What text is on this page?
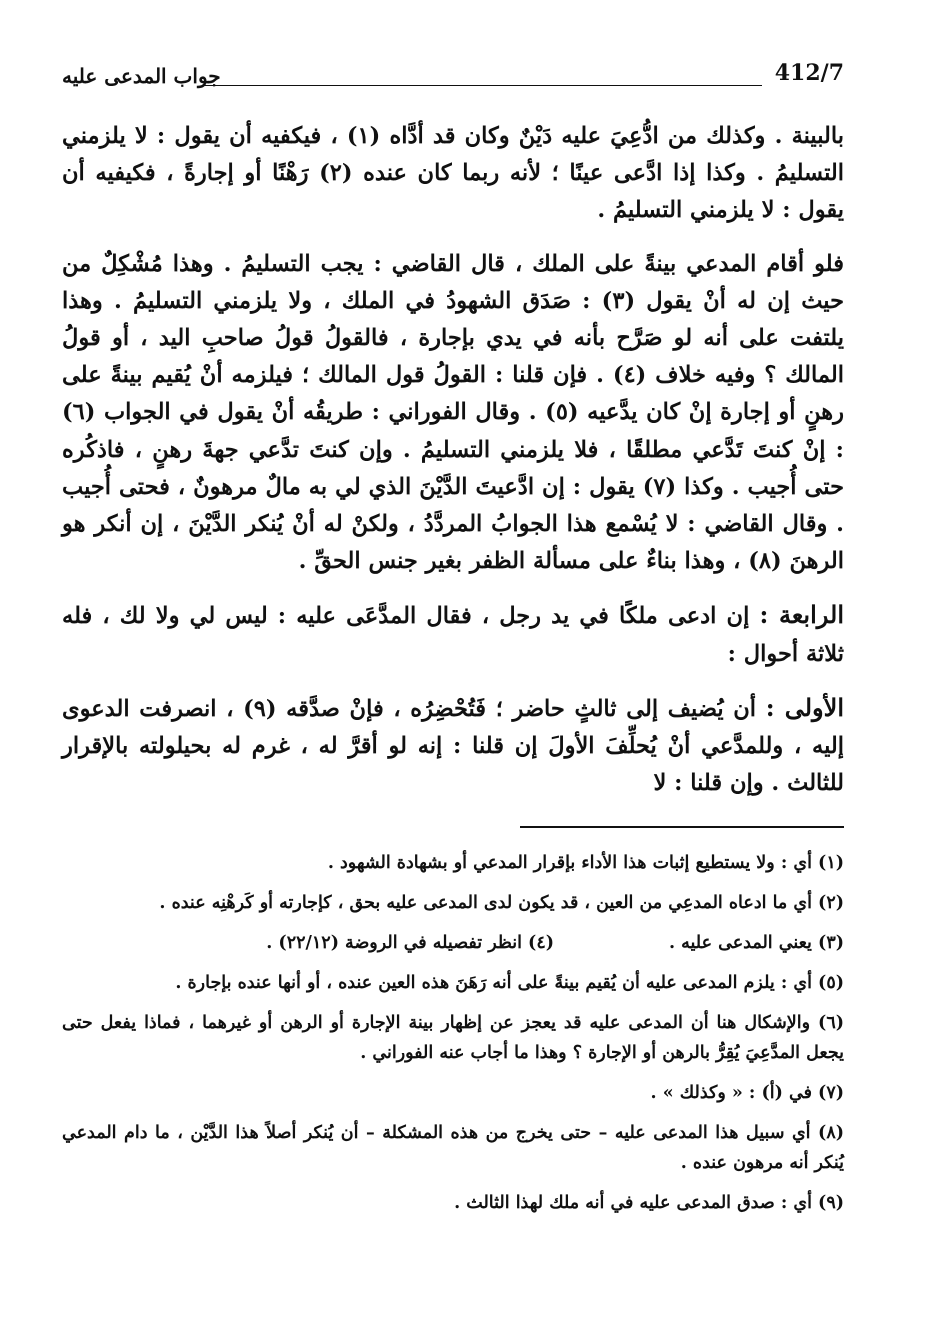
412/7
جواب المدعى عليه

بالبينة . وكذلك من ادُّعِيَ عليه دَيْنٌ وكان قد أدَّاه (١) ، فيكفيه أن يقول : لا يلزمني التسليمُ . وكذا إذا ادَّعى عينًا ؛ لأنه ربما كان عنده (٢) رَهْنًا أو إجارةً ، فكيفيه أن يقول : لا يلزمني التسليمُ .

فلو أقام المدعي بينةً على الملك ، قال القاضي : يجب التسليمُ . وهذا مُشْكِلٌ من حيث إن له أنْ يقول (٣) : صَدَق الشهودُ في الملك ، ولا يلزمني التسليمُ . وهذا يلتفت على أنه لو صَرَّح بأنه في يدي بإجارة ، فالقولُ قولُ صاحبِ اليد ، أو قولُ المالك ؟ وفيه خلاف (٤) . فإن قلنا : القولُ قول المالك ؛ فيلزمه أنْ يُقيم بينةً على رهنٍ أو إجارة إنْ كان يدَّعيه (٥) . وقال الفوراني : طريقُه أنْ يقول في الجواب (٦) : إنْ كنتَ تَدَّعي مطلقًا ، فلا يلزمني التسليمُ . وإن كنتَ تدَّعي جهةَ رهنٍ ، فاذكُره حتى أُجيب . وكذا (٧) يقول : إن ادَّعيتَ الدَّيْنَ الذي لي به مالٌ مرهونٌ ، فحتى أُجيب . وقال القاضي : لا يُسْمع هذا الجوابُ المردَّدُ ، ولكنْ له أنْ يُنكر الدَّيْنَ ، إن أنكر هو الرهنَ (٨) ، وهذا بناءٌ على مسألة الظفر بغير جنس الحقِّ .

الرابعة : إن ادعى ملكًا في يد رجل ، فقال المدَّعَى عليه : ليس لي ولا لك ، فله ثلاثة أحوال :

الأولى : أن يُضيف إلى ثالثٍ حاضر ؛ فَتُحْضِرُه ، فإنْ صدَّقه (٩) ، انصرفت الدعوى إليه ، وللمدَّعي أنْ يُحلِّفَ الأولَ إن قلنا : إنه لو أقرَّ له ، غرم له بحيلولته بالإقرار للثالث . وإن قلنا : لا

(١) أي : ولا يستطيع إثبات هذا الأداء بإقرار المدعي أو بشهادة الشهود .

(٢) أي ما ادعاه المدعِي من العين ، قد يكون لدى المدعى عليه بحق ، كإجارته أو كَرهْنِه عنده .

(٣) يعني المدعى عليه .
(٤) انظر تفصيله في الروضة (٢٢/١٢) .

(٥) أي : يلزم المدعى عليه أن يُقيم بينةً على أنه رَهَنَ هذه العين عنده ، أو أنها عنده بإجارة .

(٦) والإشكال هنا أن المدعى عليه قد يعجز عن إظهار بينة الإجارة أو الرهن أو غيرهما ، فماذا يفعل حتى يجعل المدَّعِيَ يُقِرُّ بالرهن أو الإجارة ؟ وهذا ما أجاب عنه الفوراني .

(٧) في (أ) : « وكذلك » .

(٨) أي سبيل هذا المدعى عليه – حتى يخرج من هذه المشكلة – أن يُنكر أصلاً هذا الدَّيْن ، ما دام المدعي يُنكر أنه مرهون عنده .

(٩) أي : صدق المدعى عليه في أنه ملك لهذا الثالث .
